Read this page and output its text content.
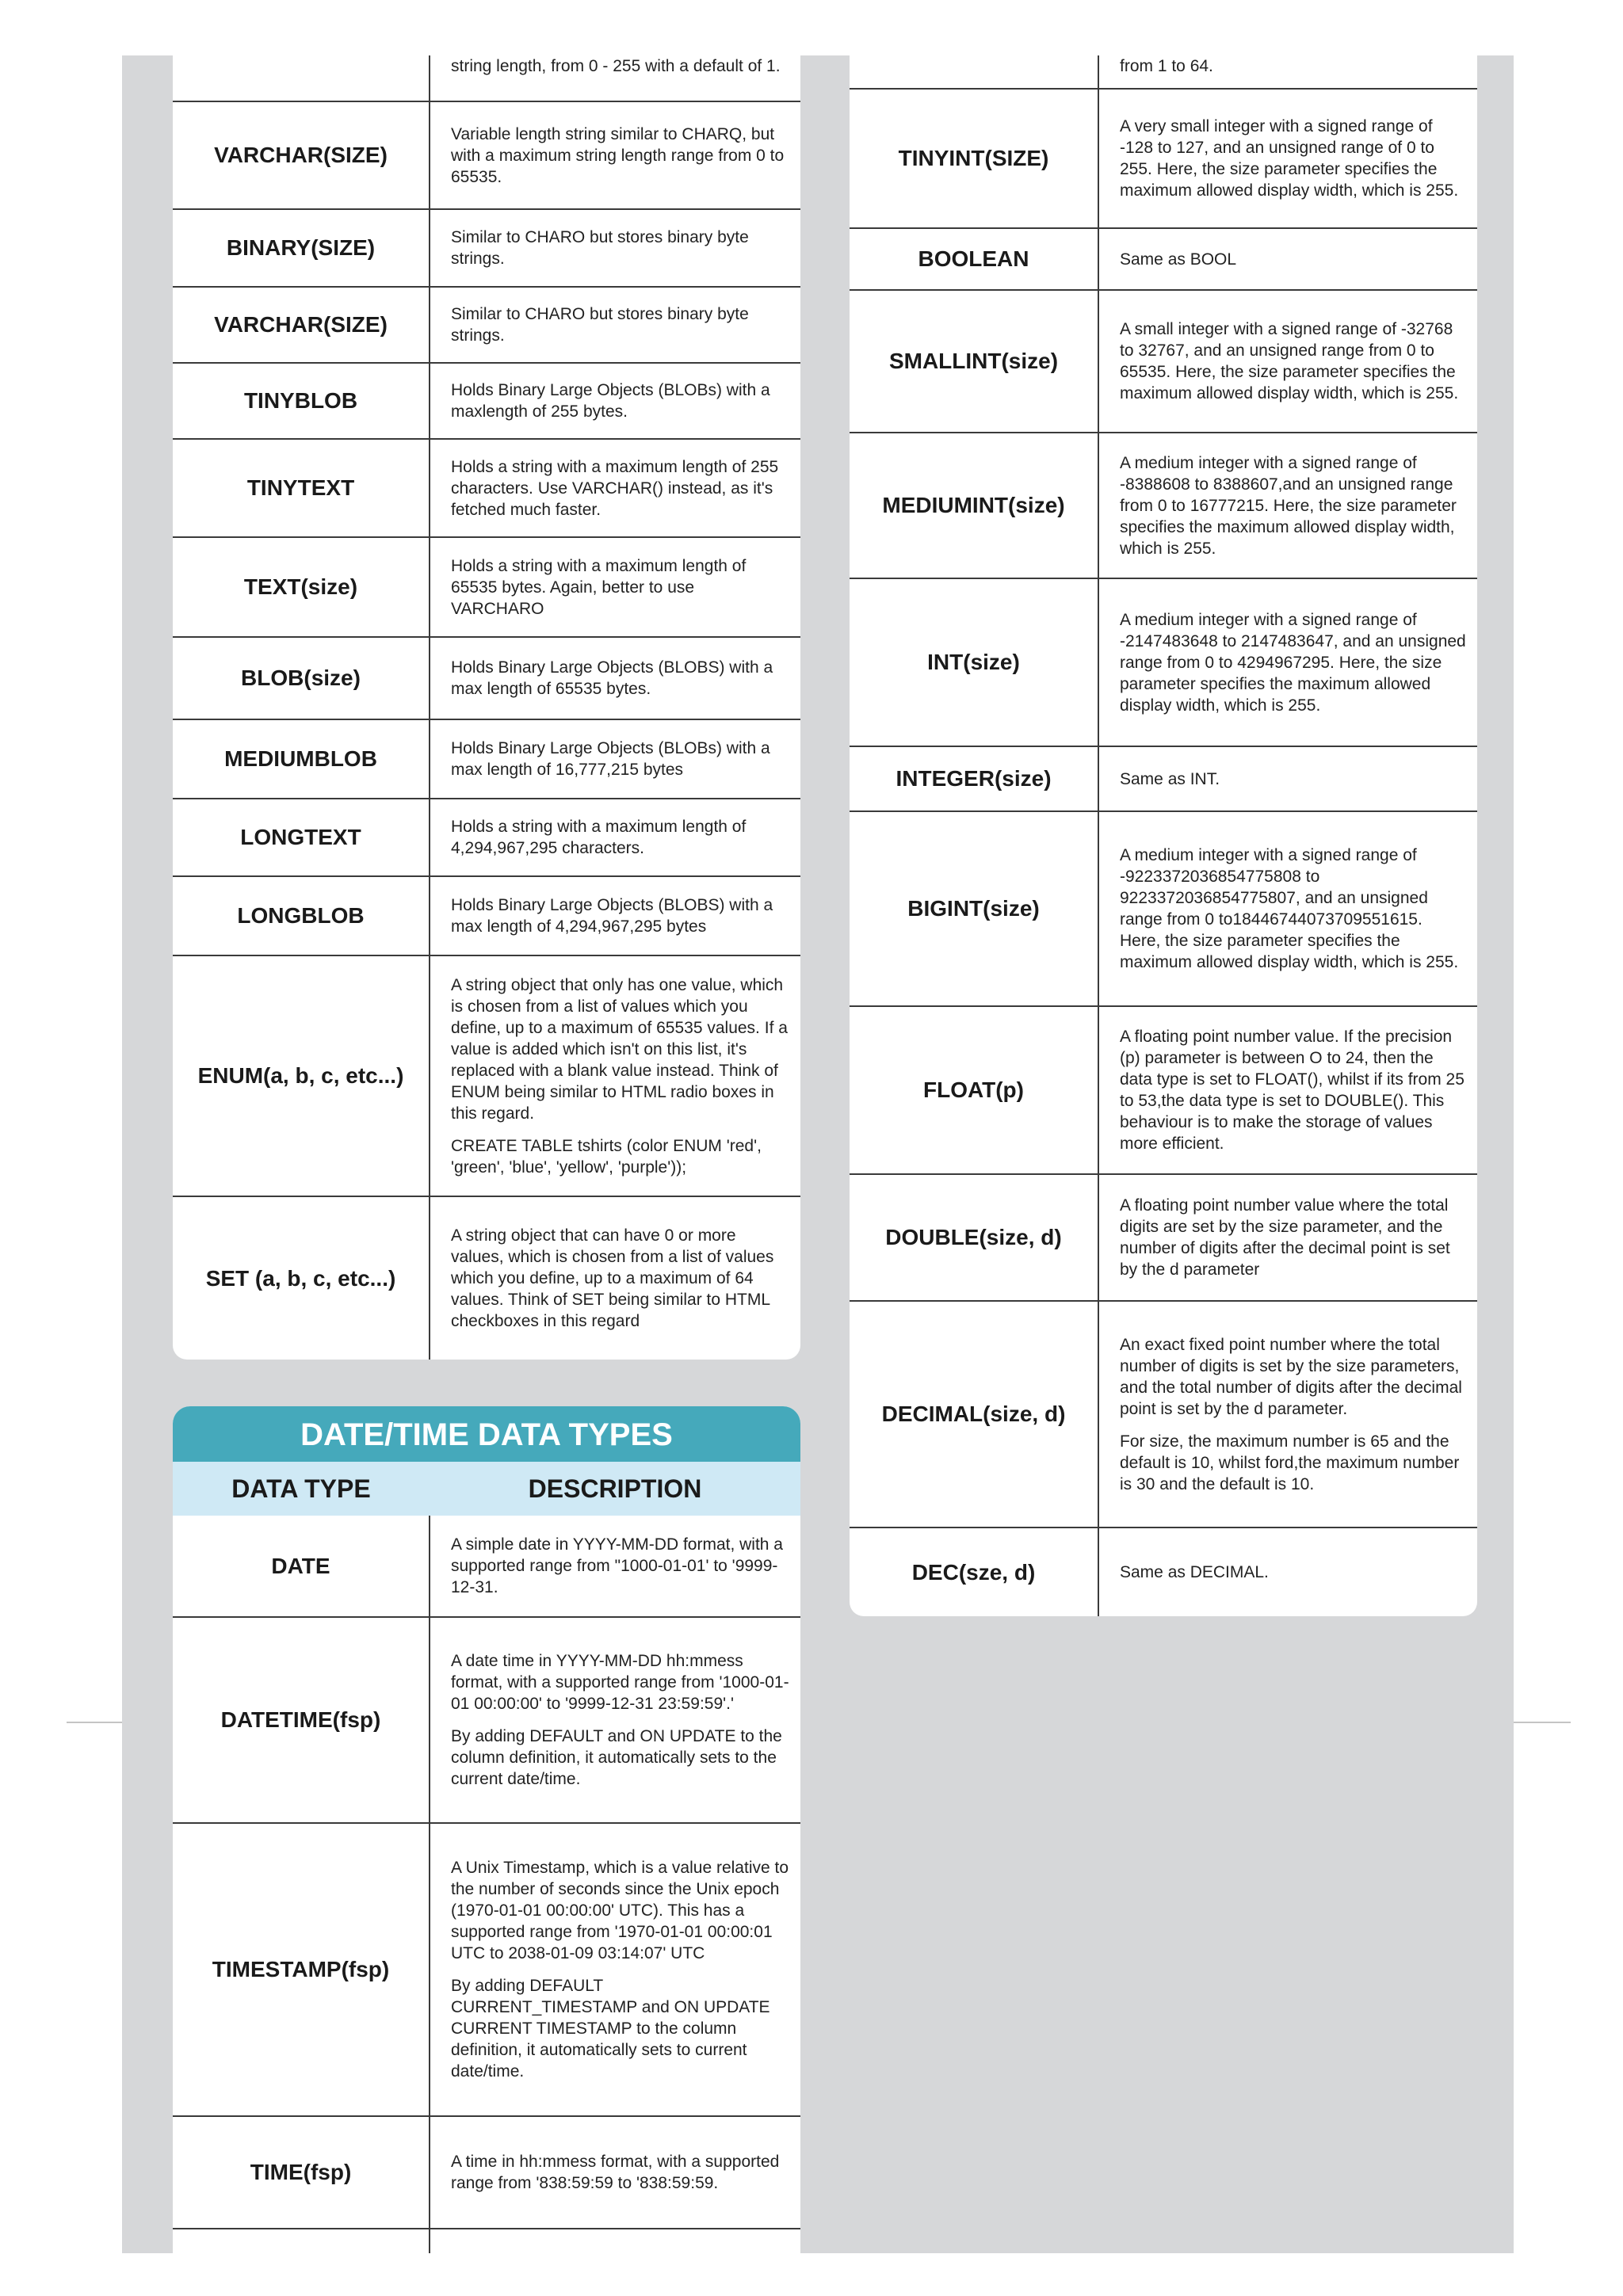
	string length, from 0 - 255 with a default of 1.

VARCHAR(SIZE)	Variable length string similar to CHARQ, but with a maximum string length range from 0 to 65535.

BINARY(SIZE)	Similar to CHARO but stores binary byte strings.

VARCHAR(SIZE)	Similar to CHARO but stores binary byte strings.

TINYBLOB	Holds Binary Large Objects (BLOBs) with a maxlength of 255 bytes.

TINYTEXT	Holds a string with a maximum length of 255 characters. Use VARCHAR() instead, as it's fetched much faster.

TEXT(size)	Holds a string with a maximum length of 65535 bytes. Again, better to use VARCHARO

BLOB(size)	Holds Binary Large Objects (BLOBS) with a max length of 65535 bytes.

MEDIUMBLOB	Holds Binary Large Objects (BLOBs) with a max length of 16,777,215 bytes

LONGTEXT	Holds a string with a maximum length of 4,294,967,295 characters.

LONGBLOB	Holds Binary Large Objects (BLOBS) with a max length of 4,294,967,295 bytes

ENUM(a, b, c, etc...)	A string object that only has one value, which is chosen from a list of values which you define, up to a maximum of 65535 values. If a value is added which isn't on this list, it's replaced with a blank value instead. Think of ENUM being similar to HTML radio boxes in this regard.

CREATE TABLE tshirts (color ENUM 'red', 'green', 'blue', 'yellow', 'purple'));

SET (a, b, c, etc...)	A string object that can have 0 or more values, which is chosen from a list of values which you define, up to a maximum of 64 values. Think of SET being similar to HTML checkboxes in this regard

DATE/TIME DATA TYPES
DATA TYPE	DESCRIPTION
DATE	A simple date in YYYY-MM-DD format, with a supported range from "1000-01-01' to '9999-12-31.

DATETIME(fsp)	A date time in YYYY-MM-DD hh:mmess format, with a supported range from '1000-01-01 00:00:00' to '9999-12-31 23:59:59'.'

By adding DEFAULT and ON UPDATE to the column definition, it automatically sets to the current date/time.

TIMESTAMP(fsp)	A Unix Timestamp, which is a value relative to the number of seconds since the Unix epoch (1970-01-01 00:00:00' UTC). This has a supported range from '1970-01-01 00:00:01 UTC to 2038-01-09 03:14:07' UTC

By adding DEFAULT CURRENT_TIMESTAMP and ON UPDATE CURRENT TIMESTAMP to the column definition, it automatically sets to current date/time.

TIME(fsp)	A time in hh:mmess format, with a supported range from '838:59:59 to '838:59:59.

	from 1 to 64.

TINYINT(SIZE)	A very small integer with a signed range of -128 to 127, and an unsigned range of 0 to 255. Here, the size parameter specifies the maximum allowed display width, which is 255.

BOOLEAN	Same as BOOL

SMALLINT(size)	A small integer with a signed range of -32768 to 32767, and an unsigned range from 0 to 65535. Here, the size parameter specifies the maximum allowed display width, which is 255.

MEDIUMINT(size)	A medium integer with a signed range of -8388608 to 8388607,and an unsigned range from 0 to 16777215. Here, the size parameter specifies the maximum allowed display width, which is 255.

INT(size)	A medium integer with a signed range of -2147483648 to 2147483647, and an unsigned range from 0 to 4294967295. Here, the size parameter specifies the maximum allowed display width, which is 255.

INTEGER(size)	Same as INT.

BIGINT(size)	A medium integer with a signed range of -9223372036854775808 to 9223372036854775807, and an unsigned range from 0 to18446744073709551615. Here, the size parameter specifies the maximum allowed display width, which is 255.

FLOAT(p)	A floating point number value. If the precision (p) parameter is between O to 24, then the data type is set to FLOAT(), whilst if its from 25 to 53,the data type is set to DOUBLE(). This behaviour is to make the storage of values more efficient.

DOUBLE(size, d)	A floating point number value where the total digits are set by the size parameter, and the number of digits after the decimal point is set by the d parameter

DECIMAL(size, d)	An exact fixed point number where the total number of digits is set by the size parameters, and the total number of digits after the decimal point is set by the d parameter.

For size, the maximum number is 65 and the default is 10, whilst ford,the maximum number is 30 and the default is 10.

DEC(sze, d)	Same as DECIMAL.
